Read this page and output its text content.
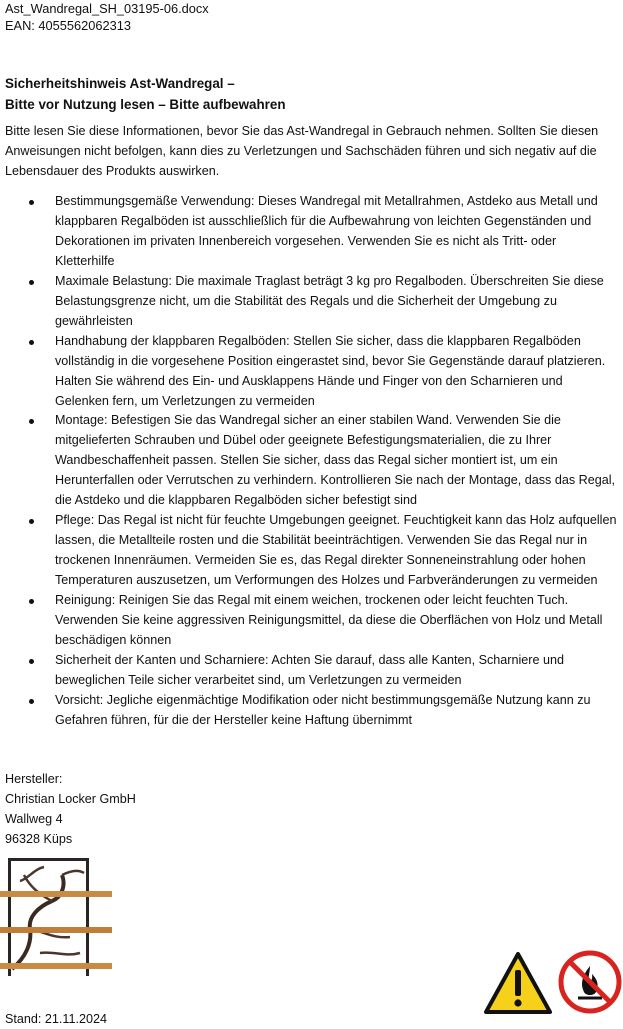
Ast_Wandregal_SH_03195-06.docx
EAN: 4055562062313
Sicherheitshinweis Ast-Wandregal –
Bitte vor Nutzung lesen – Bitte aufbewahren
Bitte lesen Sie diese Informationen, bevor Sie das Ast-Wandregal in Gebrauch nehmen. Sollten Sie diesen Anweisungen nicht befolgen, kann dies zu Verletzungen und Sachschäden führen und sich negativ auf die Lebensdauer des Produkts auswirken.
Bestimmungsgemäße Verwendung: Dieses Wandregal mit Metallrahmen, Astdeko aus Metall und klappbaren Regalböden ist ausschließlich für die Aufbewahrung von leichten Gegenständen und Dekorationen im privaten Innenbereich vorgesehen. Verwenden Sie es nicht als Tritt- oder Kletterhilfe
Maximale Belastung: Die maximale Traglast beträgt 3 kg pro Regalboden. Überschreiten Sie diese Belastungsgrenze nicht, um die Stabilität des Regals und die Sicherheit der Umgebung zu gewährleisten
Handhabung der klappbaren Regalböden: Stellen Sie sicher, dass die klappbaren Regalböden vollständig in die vorgesehene Position eingerastet sind, bevor Sie Gegenstände darauf platzieren. Halten Sie während des Ein- und Ausklappens Hände und Finger von den Scharnieren und Gelenken fern, um Verletzungen zu vermeiden
Montage: Befestigen Sie das Wandregal sicher an einer stabilen Wand. Verwenden Sie die mitgelieferten Schrauben und Dübel oder geeignete Befestigungsmaterialien, die zu Ihrer Wandbeschaffenheit passen. Stellen Sie sicher, dass das Regal sicher montiert ist, um ein Herunterfallen oder Verrutschen zu verhindern. Kontrollieren Sie nach der Montage, dass das Regal, die Astdeko und die klappbaren Regalböden sicher befestigt sind
Pflege: Das Regal ist nicht für feuchte Umgebungen geeignet. Feuchtigkeit kann das Holz aufquellen lassen, die Metallteile rosten und die Stabilität beeinträchtigen. Verwenden Sie das Regal nur in trockenen Innenräumen. Vermeiden Sie es, das Regal direkter Sonneneinstrahlung oder hohen Temperaturen auszusetzen, um Verformungen des Holzes und Farbveränderungen zu vermeiden
Reinigung: Reinigen Sie das Regal mit einem weichen, trockenen oder leicht feuchten Tuch. Verwenden Sie keine aggressiven Reinigungsmittel, da diese die Oberflächen von Holz und Metall beschädigen können
Sicherheit der Kanten und Scharniere: Achten Sie darauf, dass alle Kanten, Scharniere und beweglichen Teile sicher verarbeitet sind, um Verletzungen zu vermeiden
Vorsicht: Jegliche eigenmächtige Modifikation oder nicht bestimmungsgemäße Nutzung kann zu Gefahren führen, für die der Hersteller keine Haftung übernimmt
Hersteller:
Christian Locker GmbH
Wallweg 4
96328 Küps
Stand: 21.11.2024
